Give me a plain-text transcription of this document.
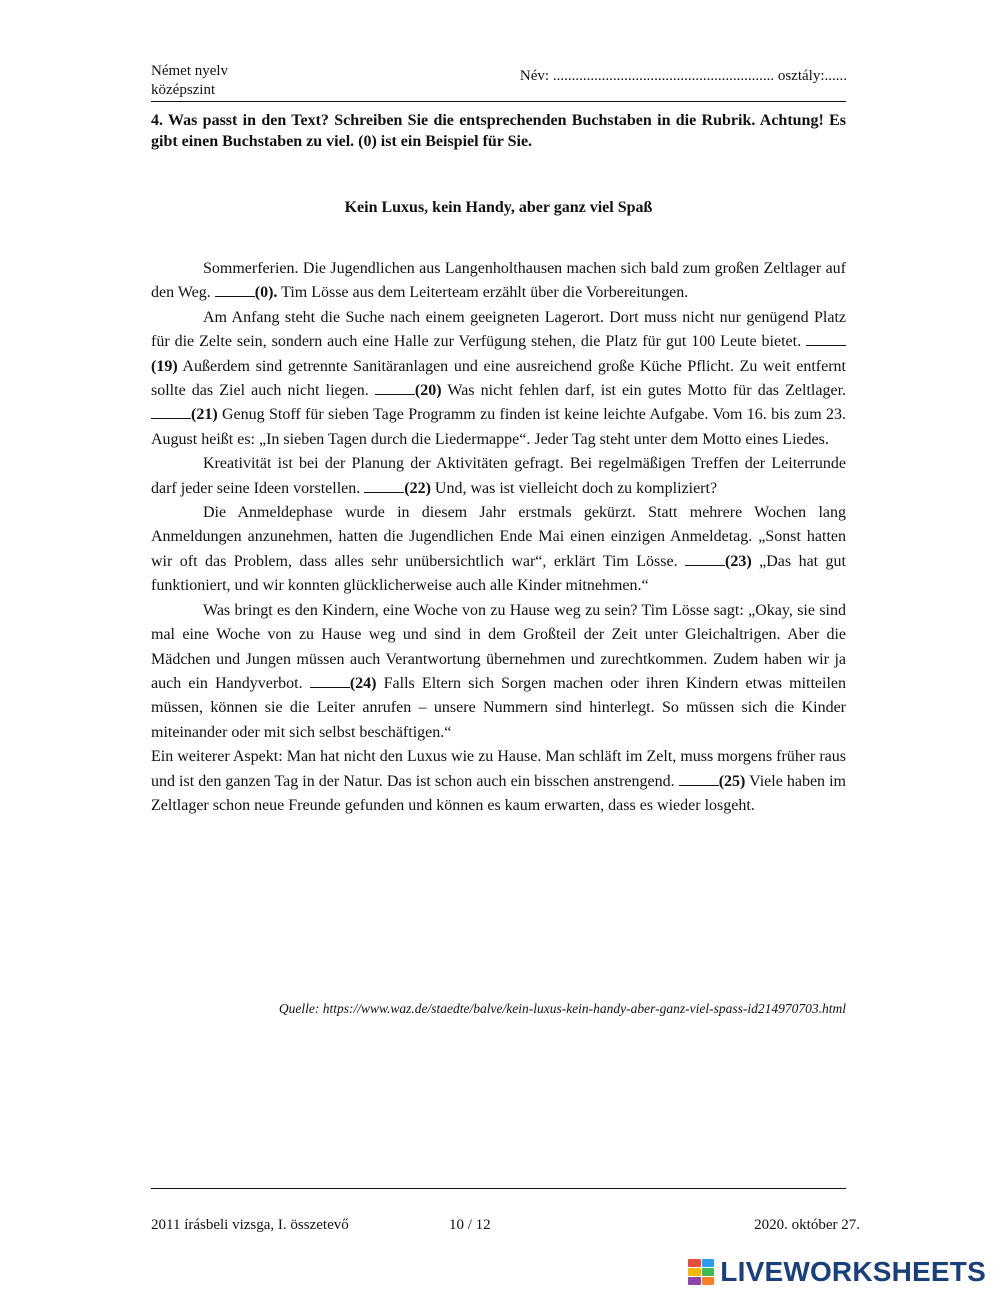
Német nyelv
középszint
Név: ........................................................... osztály:......
4. Was passt in den Text? Schreiben Sie die entsprechenden Buchstaben in die Rubrik. Achtung! Es gibt einen Buchstaben zu viel. (0) ist ein Beispiel für Sie.
Kein Luxus, kein Handy, aber ganz viel Spaß

Sommerferien. Die Jugendlichen aus Langenholthausen machen sich bald zum großen Zeltlager auf den Weg.	(0). Tim Lösse aus dem Leiterteam erzählt über die Vorbereitungen.

Am Anfang steht die Suche nach einem geeigneten Lagerort. Dort muss nicht nur genügend Platz für die Zelte sein, sondern auch eine Halle zur Verfügung stehen, die Platz für gut 100 Leute bietet. (19) Außerdem sind getrennte Sanitäranlagen und eine ausreichend große Küche Pflicht. Zu weit entfernt sollte das Ziel auch nicht liegen.	(20) Was nicht fehlen darf, ist ein gutes Motto für das Zeltlager. (21) Genug Stoff für sieben Tage Programm zu finden ist keine leichte Aufgabe. Vom 16. bis zum 23. August heißt es: „In sieben Tagen durch die Liedermappe“. Jeder Tag steht unter dem Motto eines Liedes.

Kreativität ist bei der Planung der Aktivitäten gefragt. Bei regelmäßigen Treffen der Leiterrunde darf jeder seine Ideen vorstellen.	(22) Und, was ist vielleicht doch zu kompliziert?

Die Anmeldephase wurde in diesem Jahr erstmals gekürzt. Statt mehrere Wochen lang Anmeldungen anzunehmen, hatten die Jugendlichen Ende Mai einen einzigen Anmeldetag. „Sonst hatten wir oft das Problem, dass alles sehr unübersichtlich war“, erklärt Tim Lösse.	(23) „Das hat gut funktioniert, und wir konnten glücklicherweise auch alle Kinder mitnehmen.“

Was bringt es den Kindern, eine Woche von zu Hause weg zu sein? Tim Lösse sagt: „Okay, sie sind mal eine Woche von zu Hause weg und sind in dem Großteil der Zeit unter Gleichaltrigen. Aber die Mädchen und Jungen müssen auch Verantwortung übernehmen und zurechtkommen. Zudem haben wir ja auch ein Handyverbot.	(24) Falls Eltern sich Sorgen machen oder ihren Kindern etwas mitteilen müssen, können sie die Leiter anrufen – unsere Nummern sind hinterlegt. So müssen sich die Kinder miteinander oder mit sich selbst beschäftigen.“

Ein weiterer Aspekt: Man hat nicht den Luxus wie zu Hause. Man schläft im Zelt, muss morgens früher raus und ist den ganzen Tag in der Natur. Das ist schon auch ein bisschen anstrengend.	(25) Viele haben im Zeltlager schon neue Freunde gefunden und können es kaum erwarten, dass es wieder losgeht.

Quelle: https://www.waz.de/staedte/balve/kein-luxus-kein-handy-aber-ganz-viel-spass-id214970703.html
2011 írásbeli vizsga, I. összetevő	10 / 12	2020. október 27.
LIVEWORKSHEETS
